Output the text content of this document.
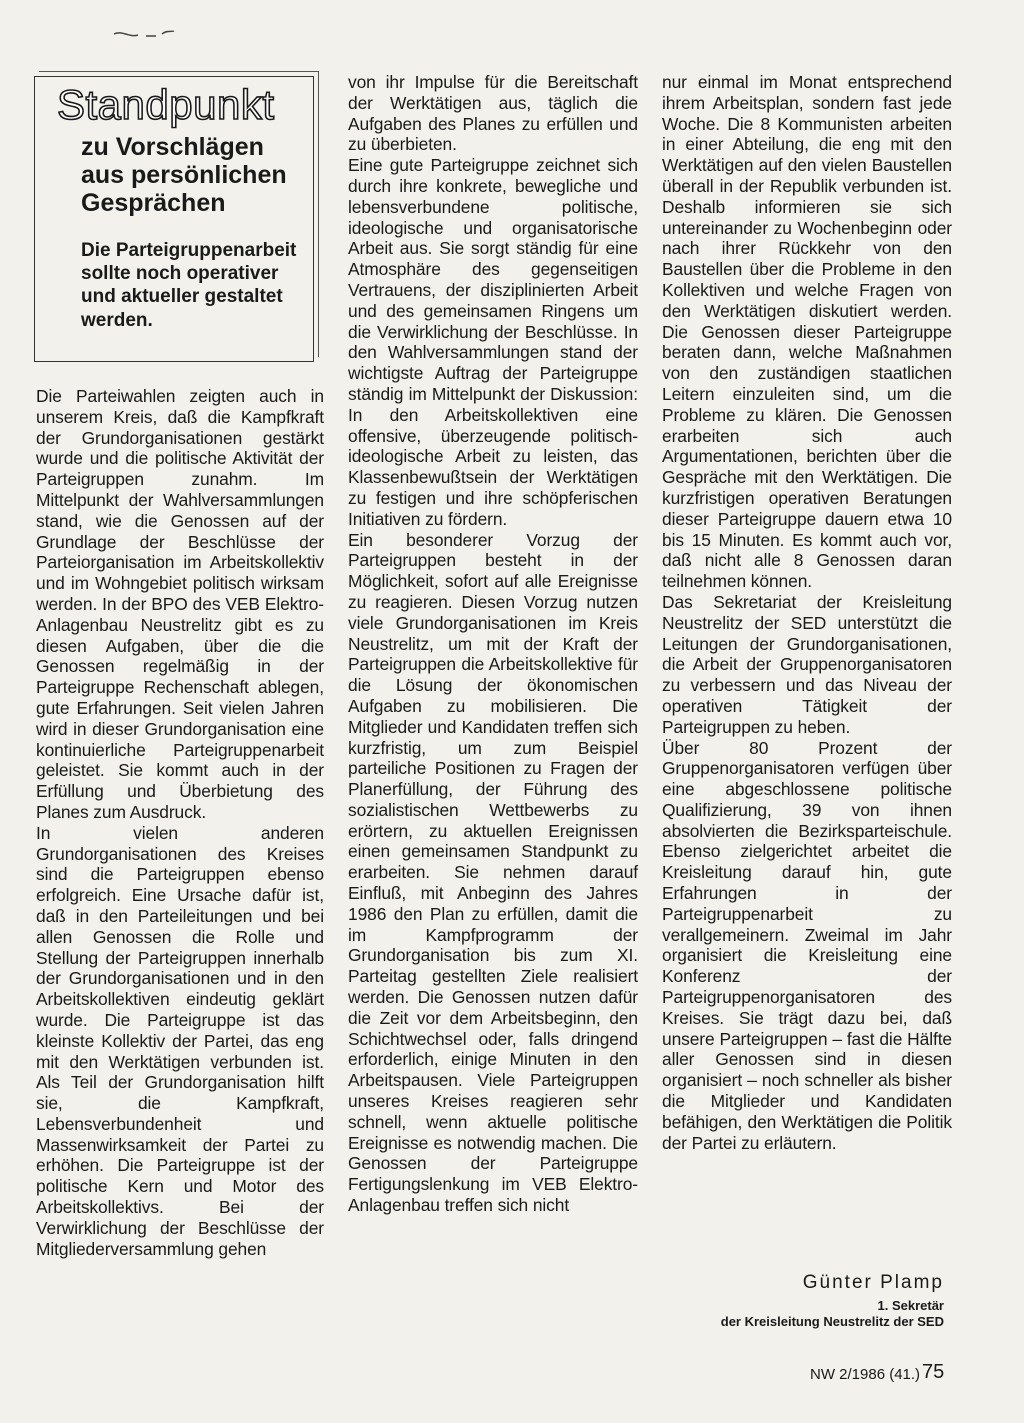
Standpunkt
zu Vorschlägen
aus persönlichen
Gesprächen
Die Parteigruppenarbeit
sollte noch operativer
und aktueller gestaltet
werden.

Die Parteiwahlen zeigten auch in unserem Kreis, daß die Kampfkraft der Grundorganisationen gestärkt wurde und die politische Aktivität der Parteigruppen zunahm. Im Mittelpunkt der Wahlversammlungen stand, wie die Genossen auf der Grundlage der Beschlüsse der Parteiorganisation im Arbeitskollektiv und im Wohngebiet politisch wirksam werden. In der BPO des VEB Elektro-Anlagenbau Neustrelitz gibt es zu diesen Aufgaben, über die die Genossen regelmäßig in der Parteigruppe Rechenschaft ablegen, gute Erfahrungen. Seit vielen Jahren wird in dieser Grundorganisation eine kontinuierliche Parteigruppenarbeit geleistet. Sie kommt auch in der Erfüllung und Überbietung des Planes zum Ausdruck.

In vielen anderen Grundorganisationen des Kreises sind die Parteigruppen ebenso erfolgreich. Eine Ursache dafür ist, daß in den Parteileitungen und bei allen Genossen die Rolle und Stellung der Parteigruppen innerhalb der Grundorganisationen und in den Arbeitskollektiven eindeutig geklärt wurde. Die Parteigruppe ist das kleinste Kollektiv der Partei, das eng mit den Werktätigen verbunden ist. Als Teil der Grundorganisation hilft sie, die Kampfkraft, Lebensverbundenheit und Massenwirksamkeit der Partei zu erhöhen. Die Parteigruppe ist der politische Kern und Motor des Arbeitskollektivs. Bei der Verwirklichung der Beschlüsse der Mitgliederversammlung gehen

von ihr Impulse für die Bereitschaft der Werktätigen aus, täglich die Aufgaben des Planes zu erfüllen und zu überbieten.

Eine gute Parteigruppe zeichnet sich durch ihre konkrete, bewegliche und lebensverbundene politische, ideologische und organisatorische Arbeit aus. Sie sorgt ständig für eine Atmosphäre des gegenseitigen Vertrauens, der disziplinierten Arbeit und des gemeinsamen Ringens um die Verwirklichung der Beschlüsse. In den Wahlversammlungen stand der wichtigste Auftrag der Parteigruppe ständig im Mittelpunkt der Diskussion: In den Arbeitskollektiven eine offensive, überzeugende politisch-ideologische Arbeit zu leisten, das Klassenbewußtsein der Werktätigen zu festigen und ihre schöpferischen Initiativen zu fördern.

Ein besonderer Vorzug der Parteigruppen besteht in der Möglichkeit, sofort auf alle Ereignisse zu reagieren. Diesen Vorzug nutzen viele Grundorganisationen im Kreis Neustrelitz, um mit der Kraft der Parteigruppen die Arbeitskollektive für die Lösung der ökonomischen Aufgaben zu mobilisieren. Die Mitglieder und Kandidaten treffen sich kurzfristig, um zum Beispiel parteiliche Positionen zu Fragen der Planerfüllung, der Führung des sozialistischen Wettbewerbs zu erörtern, zu aktuellen Ereignissen einen gemeinsamen Standpunkt zu erarbeiten. Sie nehmen darauf Einfluß, mit Anbeginn des Jahres 1986 den Plan zu erfüllen, damit die im Kampfprogramm der Grundorganisation bis zum XI. Parteitag gestellten Ziele realisiert werden. Die Genossen nutzen dafür die Zeit vor dem Arbeitsbeginn, den Schichtwechsel oder, falls dringend erforderlich, einige Minuten in den Arbeitspausen. Viele Parteigruppen unseres Kreises reagieren sehr schnell, wenn aktuelle politische Ereignisse es notwendig machen. Die Genossen der Parteigruppe Fertigungslenkung im VEB Elektro-Anlagenbau treffen sich nicht

nur einmal im Monat entsprechend ihrem Arbeitsplan, sondern fast jede Woche. Die 8 Kommunisten arbeiten in einer Abteilung, die eng mit den Werktätigen auf den vielen Baustellen überall in der Republik verbunden ist. Deshalb informieren sie sich untereinander zu Wochenbeginn oder nach ihrer Rückkehr von den Baustellen über die Probleme in den Kollektiven und welche Fragen von den Werktätigen diskutiert werden. Die Genossen dieser Parteigruppe beraten dann, welche Maßnahmen von den zuständigen staatlichen Leitern einzuleiten sind, um die Probleme zu klären. Die Genossen erarbeiten sich auch Argumentationen, berichten über die Gespräche mit den Werktätigen. Die kurzfristigen operativen Beratungen dieser Parteigruppe dauern etwa 10 bis 15 Minuten. Es kommt auch vor, daß nicht alle 8 Genossen daran teilnehmen können.

Das Sekretariat der Kreisleitung Neustrelitz der SED unterstützt die Leitungen der Grundorganisationen, die Arbeit der Gruppenorganisatoren zu verbessern und das Niveau der operativen Tätigkeit der Parteigruppen zu heben.

Über 80 Prozent der Gruppenorganisatoren verfügen über eine abgeschlossene politische Qualifizierung, 39 von ihnen absolvierten die Bezirksparteischule. Ebenso zielgerichtet arbeitet die Kreisleitung darauf hin, gute Erfahrungen in der Parteigruppenarbeit zu verallgemeinern. Zweimal im Jahr organisiert die Kreisleitung eine Konferenz der Parteigruppenorganisatoren des Kreises. Sie trägt dazu bei, daß unsere Parteigruppen – fast die Hälfte aller Genossen sind in diesen organisiert – noch schneller als bisher die Mitglieder und Kandidaten befähigen, den Werktätigen die Politik der Partei zu erläutern.

Günter Plamp
1. Sekretär
der Kreisleitung Neustrelitz der SED
NW 2/1986 (41.) 75
